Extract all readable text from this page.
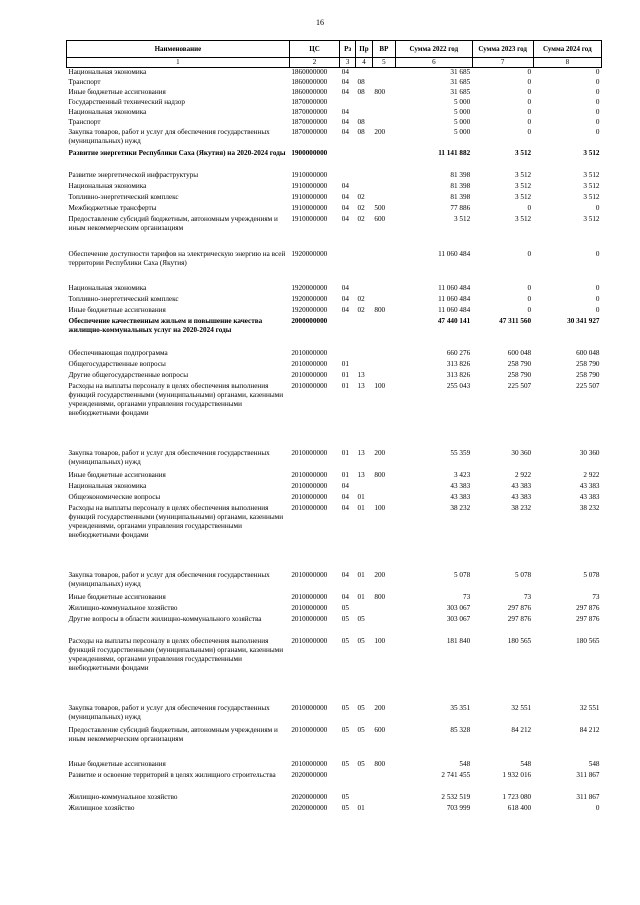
16
Наименование	ЦС	Рз	Пр	ВР	Сумма 2022 год	Сумма 2023 год	Сумма 2024 год
1	2	3	4	5	6	7	8
Национальная экономика	1860000000	04			31 685	0	0
Транспорт	1860000000	04	08		31 685	0	0
Иные бюджетные ассигнования	1860000000	04	08	800	31 685	0	0
Государственный технический надзор	1870000000				5 000	0	0
Национальная экономика	1870000000	04			5 000	0	0
Транспорт	1870000000	04	08		5 000	0	0
Закупка товаров, работ и услуг для обеспечения государственных (муниципальных) нужд	1870000000	04	08	200	5 000	0	0
Развитие энергетики Республики Саха (Якутия) на 2020-2024 годы	1900000000				11 141 882	3 512	3 512
Развитие энергетической инфраструктуры	1910000000				81 398	3 512	3 512
Национальная экономика	1910000000	04			81 398	3 512	3 512
Топливно-энергетический комплекс	1910000000	04	02		81 398	3 512	3 512
Межбюджетные трансферты	1910000000	04	02	500	77 886	0	0
Предоставление субсидий бюджетным, автономным учреждениям и иным некоммерческим организациям	1910000000	04	02	600	3 512	3 512	3 512
Обеспечение доступности тарифов на электрическую энергию на всей территории Республики Саха (Якутия)	1920000000				11 060 484	0	0
Национальная экономика	1920000000	04			11 060 484	0	0
Топливно-энергетический комплекс	1920000000	04	02		11 060 484	0	0
Иные бюджетные ассигнования	1920000000	04	02	800	11 060 484	0	0
Обеспечение качественным жильем и повышение качества жилищно-коммунальных услуг на 2020-2024 годы	2000000000				47 440 141	47 311 560	30 341 927
Обеспечивающая подпрограмма	2010000000				660 276	600 048	600 048
Общегосударственные вопросы	2010000000	01			313 826	258 790	258 790
Другие общегосударственные вопросы	2010000000	01	13		313 826	258 790	258 790
Расходы на выплаты персоналу в целях обеспечения выполнения функций государственными (муниципальными) органами, казенными учреждениями, органами управления государственными внебюджетными фондами	2010000000	01	13	100	255 043	225 507	225 507
Закупка товаров, работ и услуг для обеспечения государственных (муниципальных) нужд	2010000000	01	13	200	55 359	30 360	30 360
Иные бюджетные ассигнования	2010000000	01	13	800	3 423	2 922	2 922
Национальная экономика	2010000000	04			43 383	43 383	43 383
Общеэкономические вопросы	2010000000	04	01		43 383	43 383	43 383
Расходы на выплаты персоналу в целях обеспечения выполнения функций государственными (муниципальными) органами, казенными учреждениями, органами управления государственными внебюджетными фондами	2010000000	04	01	100	38 232	38 232	38 232
Закупка товаров, работ и услуг для обеспечения государственных (муниципальных) нужд	2010000000	04	01	200	5 078	5 078	5 078
Иные бюджетные ассигнования	2010000000	04	01	800	73	73	73
Жилищно-коммунальное хозяйство	2010000000	05			303 067	297 876	297 876
Другие вопросы в области жилищно-коммунального хозяйства	2010000000	05	05		303 067	297 876	297 876
Расходы на выплаты персоналу в целях обеспечения выполнения функций государственными (муниципальными) органами, казенными учреждениями, органами управления государственными внебюджетными фондами	2010000000	05	05	100	181 840	180 565	180 565
Закупка товаров, работ и услуг для обеспечения государственных (муниципальных) нужд	2010000000	05	05	200	35 351	32 551	32 551
Предоставление субсидий бюджетным, автономным учреждениям и иным некоммерческим организациям	2010000000	05	05	600	85 328	84 212	84 212
Иные бюджетные ассигнования	2010000000	05	05	800	548	548	548
Развитие и освоение территорий в целях жилищного строительства	2020000000				2 741 455	1 932 016	311 867
Жилищно-коммунальное хозяйство	2020000000	05			2 532 519	1 723 080	311 867
Жилищное хозяйство	2020000000	05	01		703 999	618 400	0
